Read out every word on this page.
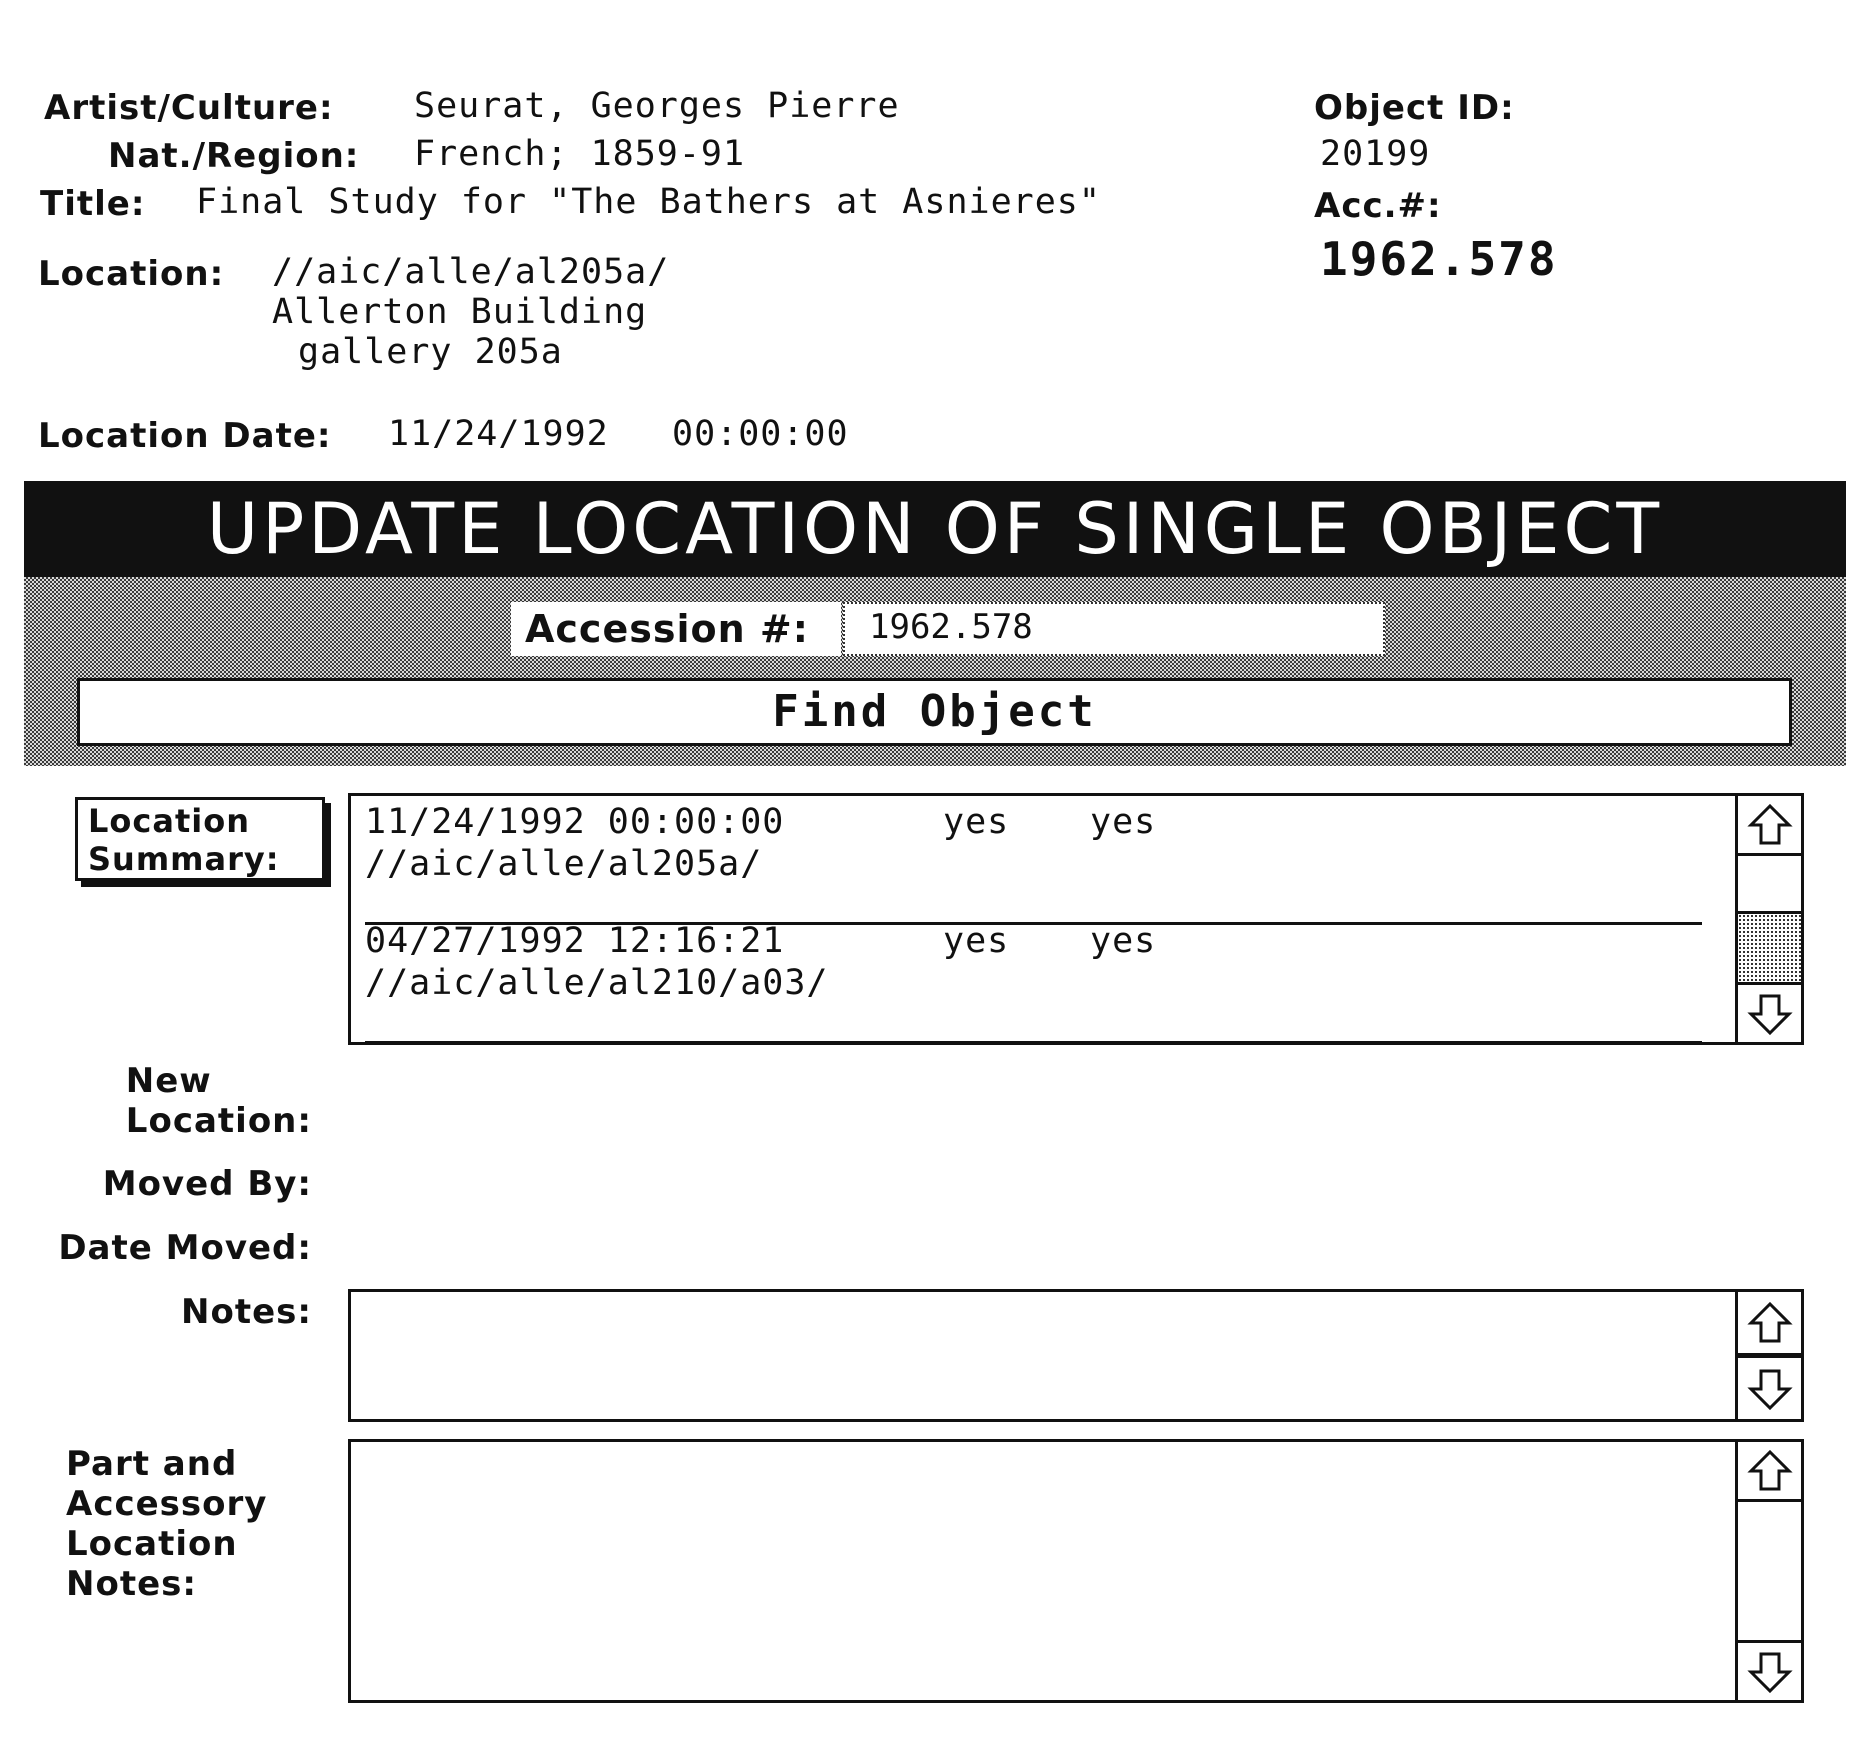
Artist/Culture: Seurat, Georges Pierre
Nat./Region: French; 1859-91
Title: Final Study for "The Bathers at Asnieres"
Location: //aic/alle/al205a/
Allerton Building
gallery 205a
Location Date: 11/24/1992 00:00:00
Object ID:
20199
Acc.#:
1962.578
UPDATE LOCATION OF SINGLE OBJECT
Accession #:	1962.578
Find Object
Location
Summary:
11/24/1992 00:00:00	yes yes
//aic/alle/al205a/
04/27/1992 12:16:21	yes yes
//aic/alle/al210/a03/
New
Location:
Moved By:
Date Moved:
Notes:
Part and
Accessory
Location
Notes:
